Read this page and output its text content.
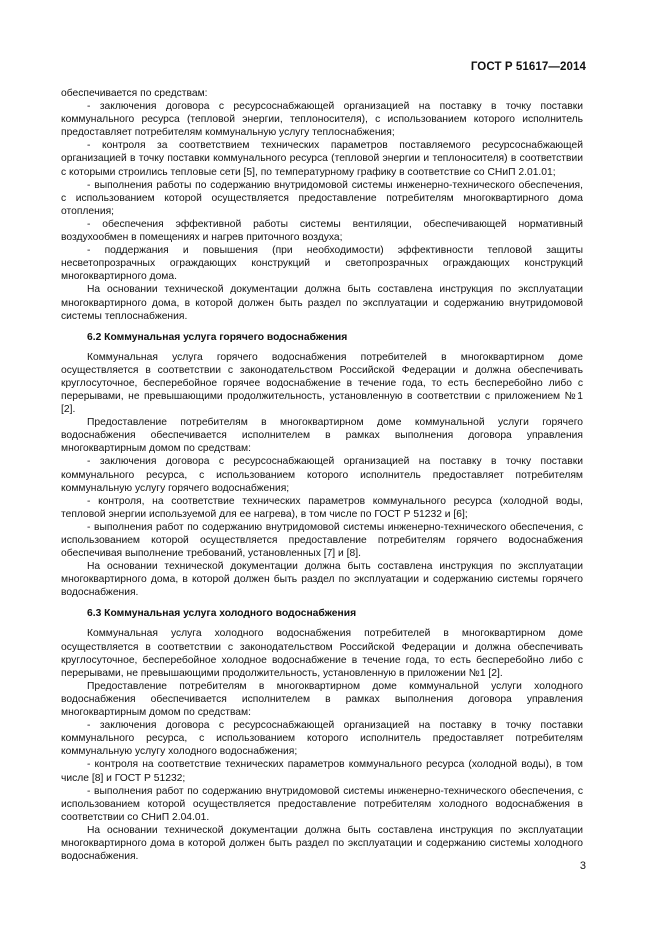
ГОСТ Р 51617—2014

обеспечивается по средствам:

- заключения договора с ресурсоснабжающей организацией на поставку в точку поставки коммунального ресурса (тепловой энергии, теплоносителя), с использованием которого исполнитель предоставляет потребителям коммунальную услугу теплоснабжения;

- контроля за соответствием технических параметров поставляемого ресурсоснабжающей организацией в точку поставки коммунального ресурса (тепловой энергии и теплоносителя) в соответствии с которыми строились тепловые сети [5], по температурному графику в соответствие со СНиП 2.01.01;

- выполнения работы по содержанию внутридомовой системы инженерно-технического обеспечения, с использованием которой осуществляется предоставление потребителям многоквартирного дома отопления;

- обеспечения эффективной работы системы вентиляции, обеспечивающей нормативный воздухообмен в помещениях и нагрев приточного воздуха;

- поддержания и повышения (при необходимости) эффективности тепловой защиты несветопрозрачных ограждающих конструкций и светопрозрачных ограждающих конструкций многоквартирного дома.

На основании технической документации должна быть составлена инструкция по эксплуатации многоквартирного дома, в которой должен быть раздел по эксплуатации и содержанию внутридомовой системы теплоснабжения.

6.2 Коммунальная услуга горячего водоснабжения

Коммунальная услуга горячего водоснабжения потребителей в многоквартирном доме осуществляется в соответствии с законодательством Российской Федерации и должна обеспечивать круглосуточное, бесперебойное горячее водоснабжение в течение года, то есть бесперебойно либо с перерывами, не превышающими продолжительность, установленную в соответствии с приложением №1 [2].

Предоставление потребителям в многоквартирном доме коммунальной услуги горячего водоснабжения обеспечивается исполнителем в рамках выполнения договора управления многоквартирным домом по средствам:

- заключения договора с ресурсоснабжающей организацией на поставку в точку поставки коммунального ресурса, с использованием которого исполнитель предоставляет потребителям коммунальную услугу горячего водоснабжения;

- контроля, на соответствие технических параметров коммунального ресурса (холодной воды, тепловой энергии используемой для ее нагрева), в том числе по ГОСТ Р 51232 и [6];

- выполнения работ по содержанию внутридомовой системы инженерно-технического обеспечения, с использованием которой осуществляется предоставление потребителям горячего водоснабжения обеспечивая выполнение требований, установленных [7] и [8].

На основании технической документации должна быть составлена инструкция по эксплуатации многоквартирного дома, в которой должен быть раздел по эксплуатации и содержанию системы горячего водоснабжения.

6.3 Коммунальная услуга холодного водоснабжения

Коммунальная услуга холодного водоснабжения потребителей в многоквартирном доме осуществляется в соответствии с законодательством Российской Федерации и должна обеспечивать круглосуточное, бесперебойное холодное водоснабжение в течение года, то есть бесперебойно либо с перерывами, не превышающими продолжительность, установленную в приложении №1 [2].

Предоставление потребителям в многоквартирном доме коммунальной услуги холодного водоснабжения обеспечивается исполнителем в рамках выполнения договора управления многоквартирным домом по средствам:

- заключения договора с ресурсоснабжающей организацией на поставку в точку поставки коммунального ресурса, с использованием которого исполнитель предоставляет потребителям коммунальную услугу холодного водоснабжения;

- контроля на соответствие технических параметров коммунального ресурса (холодной воды), в том числе [8] и ГОСТ Р 51232;

- выполнения работ по содержанию внутридомовой системы инженерно-технического обеспечения, с использованием которой осуществляется предоставление потребителям холодного водоснабжения в соответствии со СНиП 2.04.01.

На основании технической документации должна быть составлена инструкция по эксплуатации многоквартирного дома в которой должен быть раздел по эксплуатации и содержанию системы холодного водоснабжения.

3
